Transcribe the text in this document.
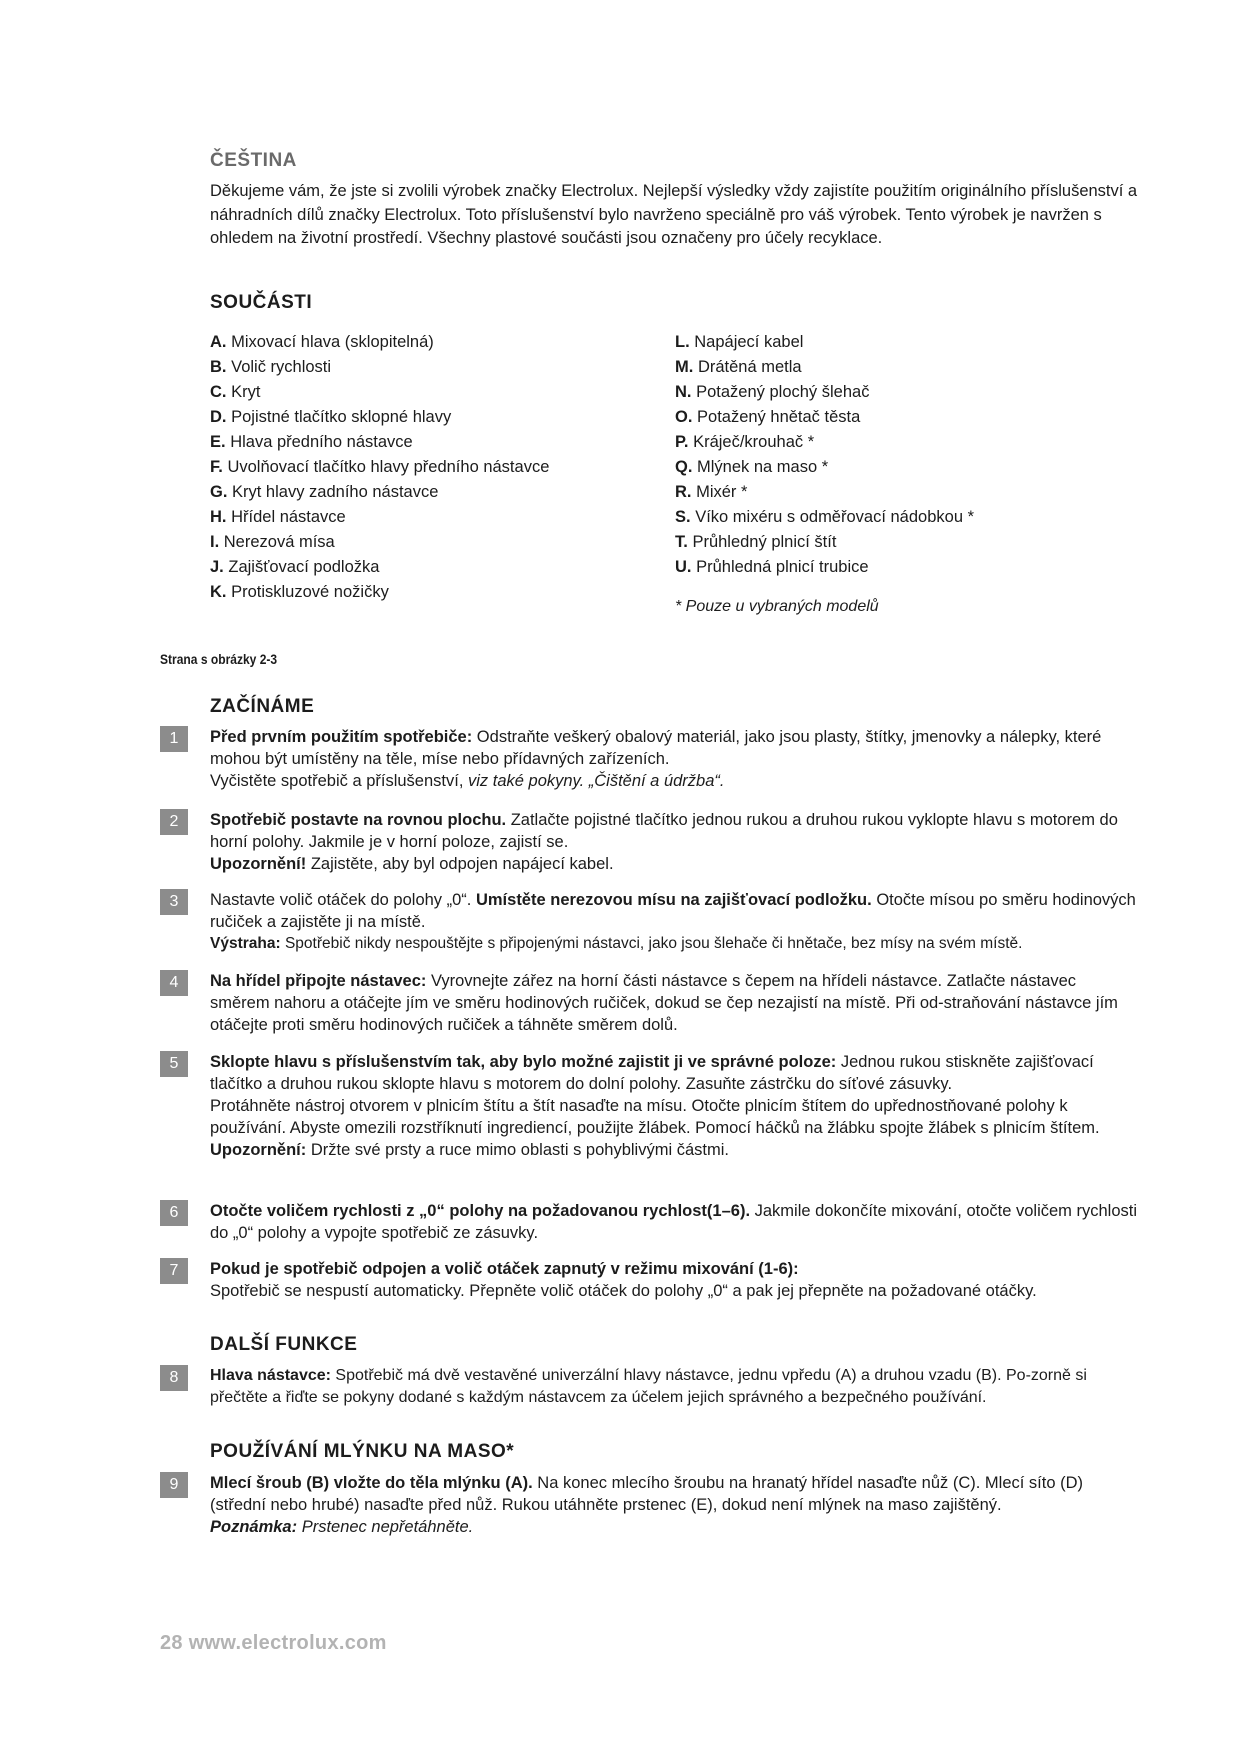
ČEŠTINA
Děkujeme vám, že jste si zvolili výrobek značky Electrolux. Nejlepší výsledky vždy zajistíte použitím originálního příslušenství a náhradních dílů značky Electrolux. Toto příslušenství bylo navrženo speciálně pro váš výrobek. Tento výrobek je navržen s ohledem na životní prostředí. Všechny plastové součásti jsou označeny pro účely recyklace.
SOUČÁSTI
A. Mixovací hlava (sklopitelná)
B. Volič rychlosti
C. Kryt
D. Pojistné tlačítko sklopné hlavy
E. Hlava předního nástavce
F. Uvolňovací tlačítko hlavy předního nástavce
G. Kryt hlavy zadního nástavce
H. Hřídel nástavce
I. Nerezová mísa
J. Zajišťovací podložka
K. Protiskluzové nožičky
L. Napájecí kabel
M. Drátěná metla
N. Potažený plochý šlehač
O. Potažený hnětač těsta
P. Kráječ/krouhač *
Q. Mlýnek na maso *
R. Mixér *
S. Víko mixéru s odměřovací nádobkou *
T. Průhledný plnicí štít
U. Průhledná plnicí trubice
* Pouze u vybraných modelů
Strana s obrázky 2-3
ZAČÍNÁME
1	Před prvním použitím spotřebiče: Odstraňte veškerý obalový materiál, jako jsou plasty, štítky, jmenovky a nálepky, které mohou být umístěny na těle, míse nebo přídavných zařízeních.

Vyčistěte spotřebič a příslušenství, viz také pokyny. „Čištění a údržba“.

2	Spotřebič postavte na rovnou plochu. Zatlačte pojistné tlačítko jednou rukou a druhou rukou vyklopte hlavu s motorem do horní polohy. Jakmile je v horní poloze, zajistí se.

Upozornění! Zajistěte, aby byl odpojen napájecí kabel.

3	Nastavte volič otáček do polohy „0“. Umístěte nerezovou mísu na zajišťovací podložku. Otočte mísou po směru hodinových ručiček a zajistěte ji na místě.

Výstraha: Spotřebič nikdy nespouštějte s připojenými nástavci, jako jsou šlehače či hnětače, bez mísy na svém místě.

4	Na hřídel připojte nástavec: Vyrovnejte zářez na horní části nástavce s čepem na hřídeli nástavce. Zatlačte nástavec směrem nahoru a otáčejte jím ve směru hodinových ručiček, dokud se čep nezajistí na místě. Při od-straňování nástavce jím otáčejte proti směru hodinových ručiček a táhněte směrem dolů.

5	Sklopte hlavu s příslušenstvím tak, aby bylo možné zajistit ji ve správné poloze: Jednou rukou stiskněte zajišťovací tlačítko a druhou rukou sklopte hlavu s motorem do dolní polohy. Zasuňte zástrčku do síťové zásuvky.

Protáhněte nástroj otvorem v plnicím štítu a štít nasaďte na mísu. Otočte plnicím štítem do upřednostňované polohy k používání. Abyste omezili rozstříknutí ingrediencí, použijte žlábek. Pomocí háčků na žlábku spojte žlábek s plnicím štítem.

Upozornění: Držte své prsty a ruce mimo oblasti s pohyblivými částmi.

6	Otočte voličem rychlosti z „0“ polohy na požadovanou rychlost(1–6). Jakmile dokončíte mixování, otočte voličem rychlosti do „0“ polohy a vypojte spotřebič ze zásuvky.

7	Pokud je spotřebič odpojen a volič otáček zapnutý v režimu mixování (1-6):

Spotřebič se nespustí automaticky. Přepněte volič otáček do polohy „0“ a pak jej přepněte na požadované otáčky.

DALŠÍ FUNKCE
8	Hlava nástavce: Spotřebič má dvě vestavěné univerzální hlavy nástavce, jednu vpředu (A) a druhou vzadu (B). Po-zorně si přečtěte a řiďte se pokyny dodané s každým nástavcem za účelem jejich správného a bezpečného používání.

POUŽÍVÁNÍ MLÝNKU NA MASO*
9	Mlecí šroub (B) vložte do těla mlýnku (A). Na konec mlecího šroubu na hranatý hřídel nasaďte nůž (C). Mlecí síto (D) (střední nebo hrubé) nasaďte před nůž. Rukou utáhněte prstenec (E), dokud není mlýnek na maso zajištěný.

Poznámka: Prstenec nepřetáhněte.

28 www.electrolux.com
